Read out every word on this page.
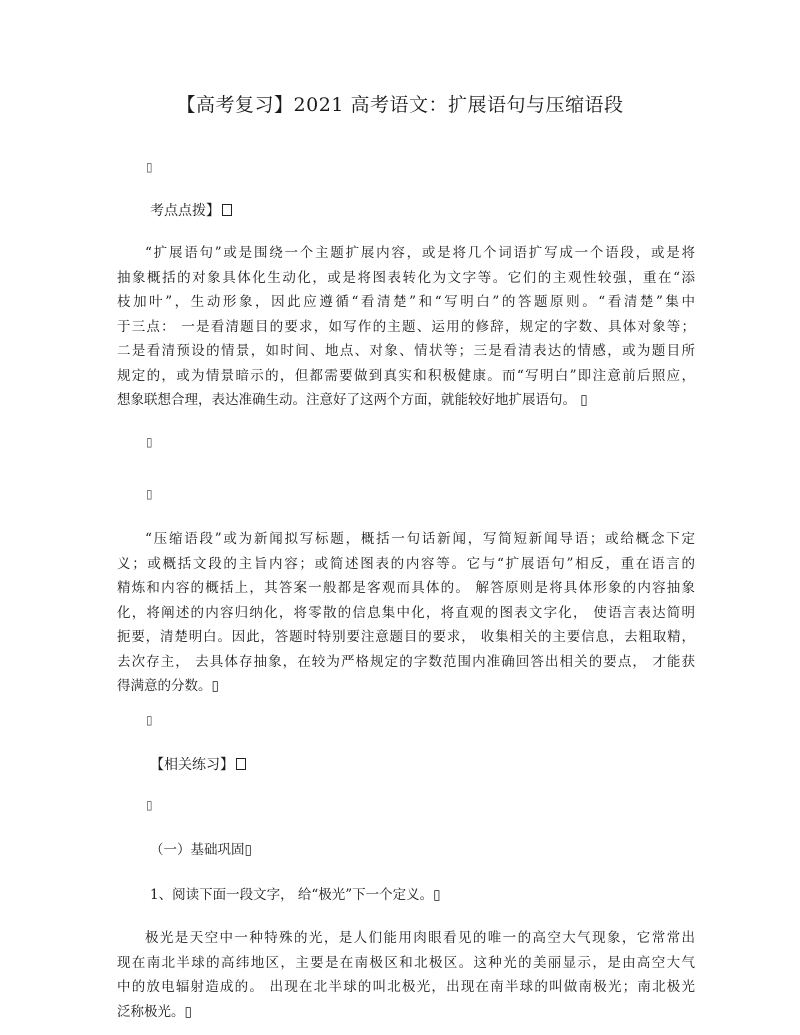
【高考复习】2021 高考语文：扩展语句与压缩语段
▯
考点点拨】
“扩展语句”或是围绕一个主题扩展内容，或是将几个词语扩写成一个语段，或是将
抽象概括的对象具体化生动化，或是将图表转化为文字等。它们的主观性较强，重在“添
枝加叶”，生动形象，因此应遵循“看清楚”和“写明白”的答题原则。“看清楚”集中
于三点： 一是看清题目的要求，如写作的主题、运用的修辞，规定的字数、具体对象等；
二是看清预设的情景，如时间、地点、对象、情状等；三是看清表达的情感，或为题目所
规定的，或为情景暗示的，但都需要做到真实和积极健康。而“写明白”即注意前后照应，
想象联想合理，表达准确生动。注意好了这两个方面，就能较好地扩展语句。 ▯
▯
▯
“压缩语段”或为新闻拟写标题，概括一句话新闻，写简短新闻导语；或给概念下定
义；或概括文段的主旨内容；或简述图表的内容等。它与“扩展语句”相反，重在语言的
精炼和内容的概括上，其答案一般都是客观而具体的。 解答原则是将具体形象的内容抽象
化，将阐述的内容归纳化，将零散的信息集中化，将直观的图表文字化， 使语言表达简明
扼要，清楚明白。因此，答题时特别要注意题目的要求， 收集相关的主要信息，去粗取精，
去次存主， 去具体存抽象，在较为严格规定的字数范围内准确回答出相关的要点， 才能获
得满意的分数。▯
▯
【相关练习】
▯
（一）基础巩固▯
1、阅读下面一段文字， 给“极光”下一个定义。▯
极光是天空中一种特殊的光，是人们能用肉眼看见的唯一的高空大气现象，它常常出
现在南北半球的高纬地区，主要是在南极区和北极区。这种光的美丽显示，是由高空大气
中的放电辐射造成的。 出现在北半球的叫北极光，出现在南半球的叫做南极光；南北极光
泛称极光。▯
